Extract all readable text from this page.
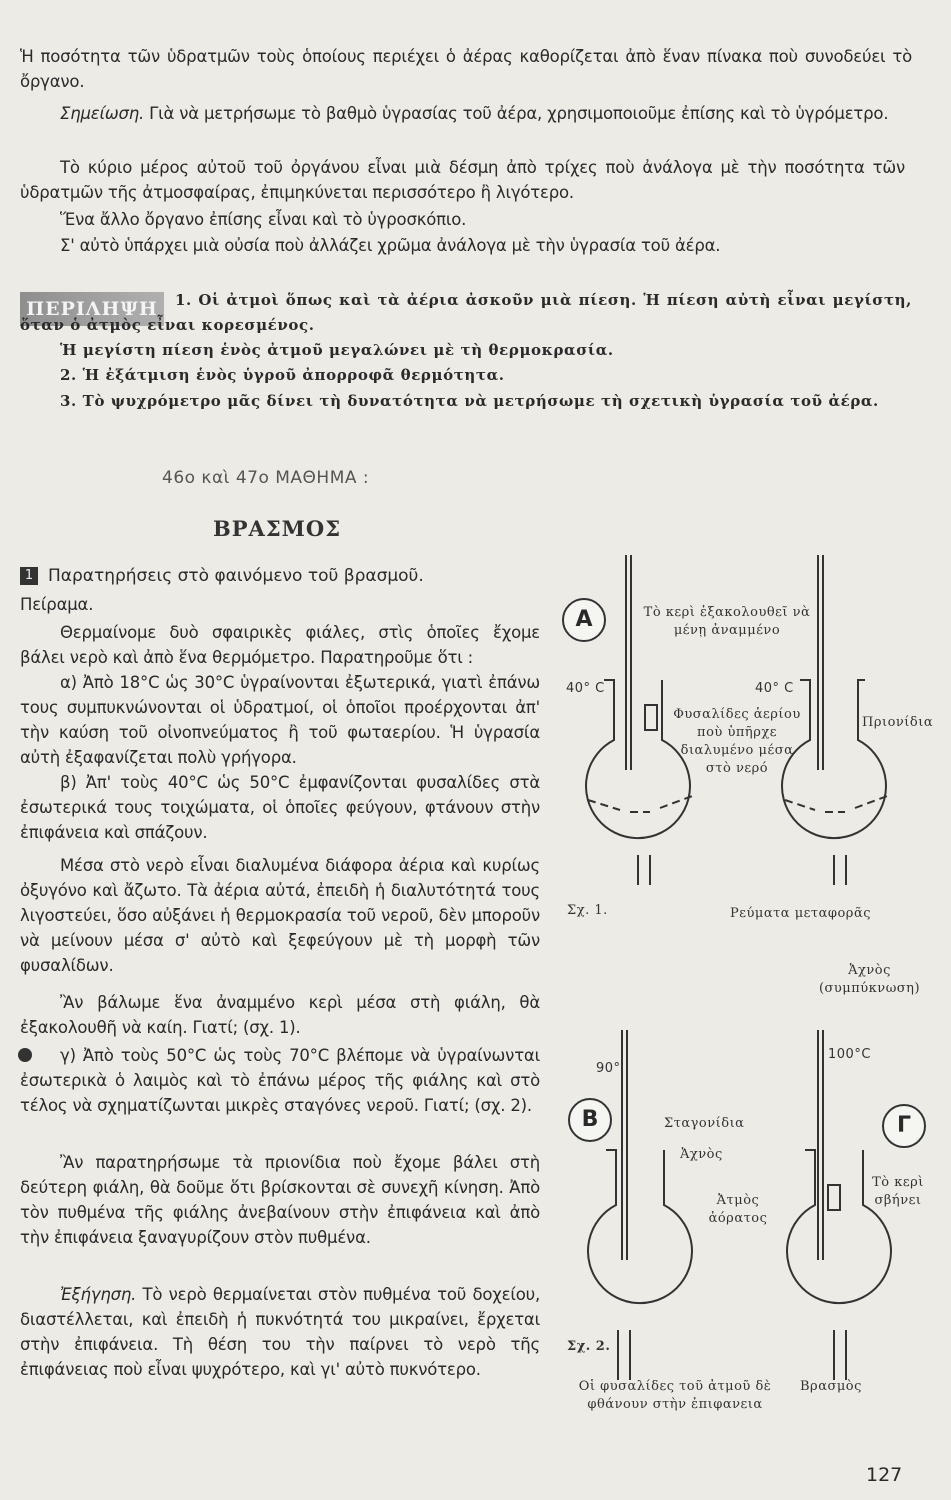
Ἡ ποσότητα τῶν ὑδρατμῶν τοὺς ὁποίους περιέχει ὁ ἀέρας καθορίζεται ἀπὸ ἕναν πίνακα ποὺ συνοδεύει τὸ ὄργανο.
Σημείωση. Γιὰ νὰ μετρήσωμε τὸ βαθμὸ ὑγρασίας τοῦ ἀέρα, χρησιμοποιοῦμε ἐπίσης καὶ τὸ ὑγρόμετρο.
Τὸ κύριο μέρος αὐτοῦ τοῦ ὀργάνου εἶναι μιὰ δέσμη ἀπὸ τρίχες ποὺ ἀνάλογα μὲ τὴν ποσότητα τῶν ὑδρατμῶν τῆς ἀτμοσφαίρας, ἐπιμηκύνεται περισσότερο ἢ λιγότερο.
Ἕνα ἄλλο ὄργανο ἐπίσης εἶναι καὶ τὸ ὑγροσκόπιο.
Σ' αὐτὸ ὑπάρχει μιὰ οὐσία ποὺ ἀλλάζει χρῶμα ἀνάλογα μὲ τὴν ὑγρασία τοῦ ἀέρα.
ΠΕΡΙΛΗΨΗ	1. Οἱ ἀτμοὶ ὅπως καὶ τὰ ἀέρια ἀσκοῦν μιὰ πίεση. Ἡ πίεση αὐτὴ εἶναι μεγίστη, ὅταν ὁ ἀτμὸς εἶναι κορεσμένος.
Ἡ μεγίστη πίεση ἑνὸς ἀτμοῦ μεγαλώνει μὲ τὴ θερμοκρασία.
2. Ἡ ἐξάτμιση ἑνὸς ὑγροῦ ἀπορροφᾶ θερμότητα.
3. Τὸ ψυχρόμετρο μᾶς δίνει τὴ δυνατότητα νὰ μετρήσωμε τὴ σχετικὴ ὑγρασία τοῦ ἀέρα.
46ο καὶ 47ο ΜΑΘΗΜΑ :
ΒΡΑΣΜΟΣ
1 Παρατηρήσεις στὸ φαινόμενο τοῦ βρασμοῦ.
Πείραμα.
Θερμαίνομε δυὸ σφαιρικὲς φιάλες, στὶς ὁποῖες ἔχομε βάλει νερὸ καὶ ἀπὸ ἕνα θερμόμετρο. Παρατηροῦμε ὅτι :
α) Ἀπὸ 18°C ὡς 30°C ὑγραίνονται ἐξωτερικά, γιατὶ ἐπάνω τους συμπυκνώνονται οἱ ὑδρατμοί, οἱ ὁποῖοι προέρχονται ἀπ' τὴν καύση τοῦ οἰνοπνεύματος ἢ τοῦ φωταερίου. Ἡ ὑγρασία αὐτὴ ἐξαφανίζεται πολὺ γρήγορα.
β) Ἀπ' τοὺς 40°C ὡς 50°C ἐμφανίζονται φυσαλίδες στὰ ἐσωτερικά τους τοιχώματα, οἱ ὁποῖες φεύγουν, φτάνουν στὴν ἐπιφάνεια καὶ σπάζουν.
Μέσα στὸ νερὸ εἶναι διαλυμένα διάφορα ἀέρια καὶ κυρίως ὀξυγόνο καὶ ἄζωτο. Τὰ ἀέρια αὐτά, ἐπειδὴ ἡ διαλυτότητά τους λιγοστεύει, ὅσο αὐξάνει ἡ θερμοκρασία τοῦ νεροῦ, δὲν μποροῦν νὰ μείνουν μέσα σ' αὐτὸ καὶ ξεφεύγουν μὲ τὴ μορφὴ τῶν φυσαλίδων.
Ἂν βάλωμε ἕνα ἀναμμένο κερὶ μέσα στὴ φιάλη, θὰ ἐξακολουθῆ νὰ καίη. Γιατί; (σχ. 1).
γ) Ἀπὸ τοὺς 50°C ὡς τοὺς 70°C βλέπομε νὰ ὑγραίνωνται ἐσωτερικὰ ὁ λαιμὸς καὶ τὸ ἐπάνω μέρος τῆς φιάλης καὶ στὸ τέλος νὰ σχηματίζωνται μικρὲς σταγόνες νεροῦ. Γιατί; (σχ. 2).
Ἂν παρατηρήσωμε τὰ πριονίδια ποὺ ἔχομε βάλει στὴ δεύτερη φιάλη, θὰ δοῦμε ὅτι βρίσκονται σὲ συνεχῆ κίνηση. Ἀπὸ τὸν πυθμένα τῆς φιάλης ἀνεβαίνουν στὴν ἐπιφάνεια καὶ ἀπὸ τὴν ἐπιφάνεια ξαναγυρίζουν στὸν πυθμένα.
Ἐξήγηση. Τὸ νερὸ θερμαίνεται στὸν πυθμένα τοῦ δοχείου, διαστέλλεται, καὶ ἐπειδὴ ἡ πυκνότητά του μικραίνει, ἔρχεται στὴν ἐπιφάνεια. Τὴ θέση του τὴν παίρνει τὸ νερὸ τῆς ἐπιφάνειας ποὺ εἶναι ψυχρότερο, καὶ γι' αὐτὸ πυκνότερο.
A	Τὸ κερὶ ἐξακολουθεῖ νὰ μένῃ ἀναμμένο
40° C	40° C
Φυσαλίδες ἀερίου ποὺ ὑπῆρχε διαλυμένο μέσα στὸ νερό
Πριονίδια
Σχ. 1.	Ρεύματα μεταφορᾶς
Ἀχνὸς (συμπύκνωση)
90°
100°C
B	Γ
Σταγονίδια
Ἀχνὸς
Ἀτμὸς ἀόρατος
Τὸ κερὶ σβήνει
Σχ. 2.
Οἱ φυσαλίδες τοῦ ἀτμοῦ δὲ φθάνουν στὴν ἐπιφανεια
Βρασμὸς
127
